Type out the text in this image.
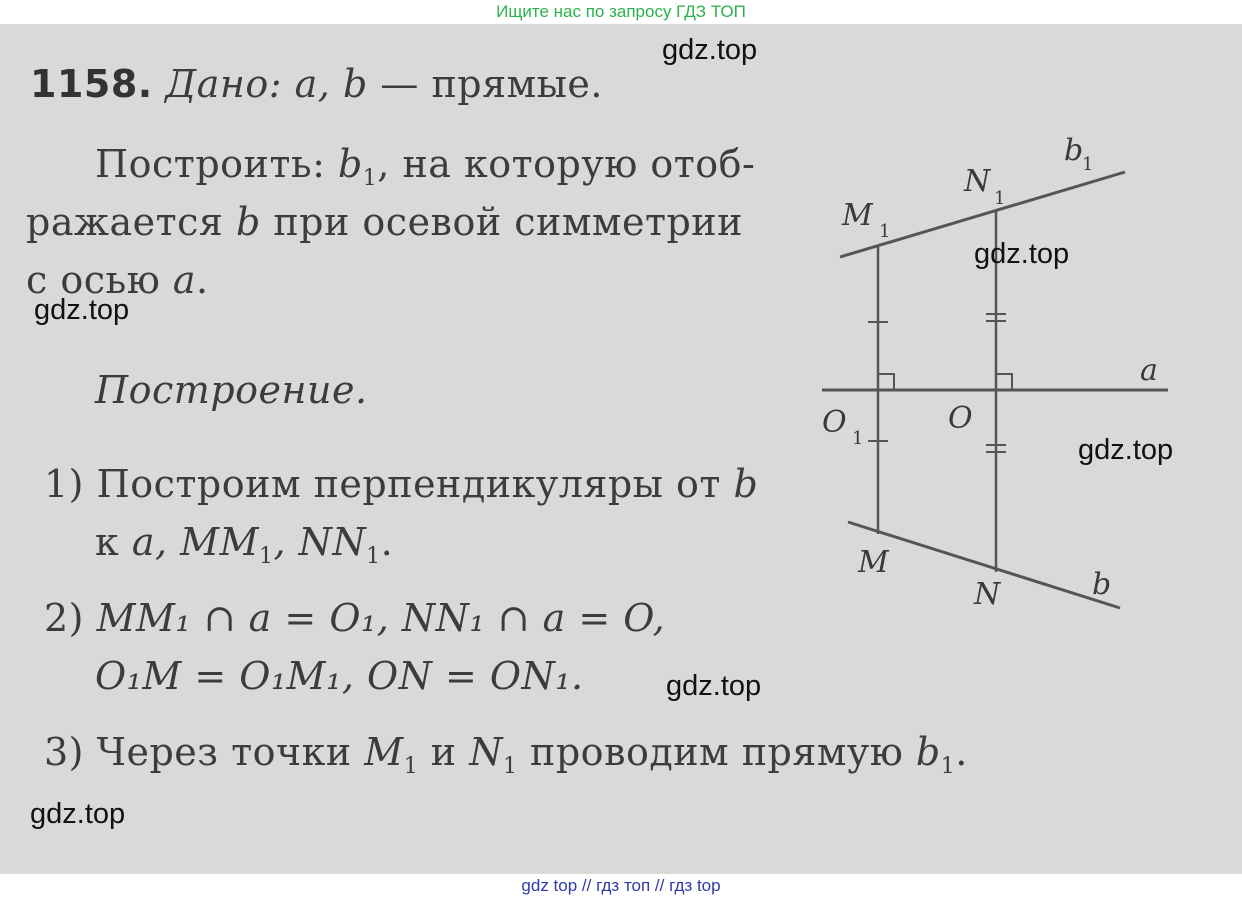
Ищите нас по запросу ГДЗ ТОП
1158. Дано: a, b — прямые.
Построить: $b_1$, на которую отоб-
ражается b при осевой симметрии
с осью a.
Построение.
1) Построим перпендикуляры от b
к a, $MM_1$, $NN_1$.
2) MM₁ ∩ a = O₁, NN₁ ∩ a = O,
O₁M = O₁M₁, ON = ON₁.
3) Через точки $M_1$ и $N_1$ проводим прямую $b_1$.
b
1
N 1
M 1
a
O 1
O
M
N	b
gdz.top
gdz.top
gdz.top
gdz.top
gdz.top
gdz.top
gdz top // гдз топ // гдз top
